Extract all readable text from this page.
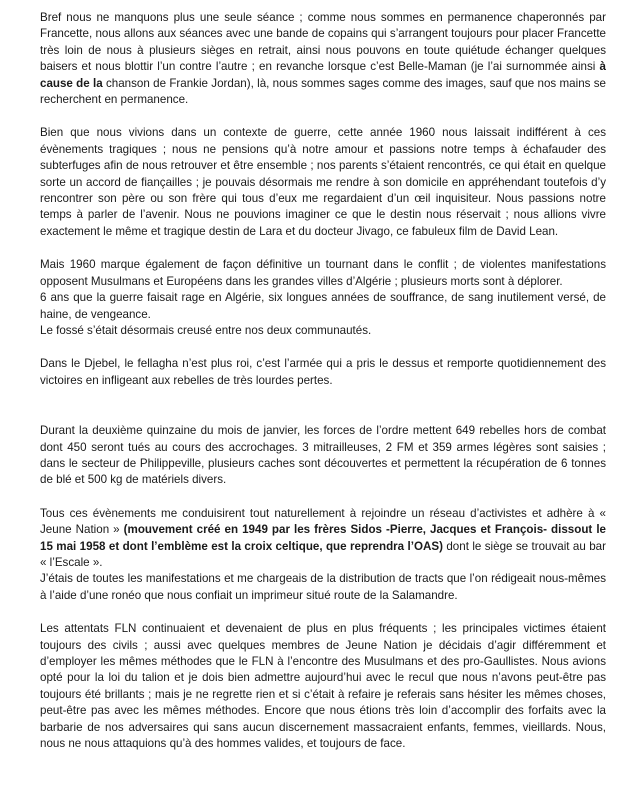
Bref nous ne manquons plus une seule séance ; comme nous sommes en permanence chaperonnés par Francette, nous allons aux séances avec une bande de copains qui s’arrangent toujours pour placer Francette très loin de nous à plusieurs sièges en retrait, ainsi nous pouvons en toute quiétude échanger quelques baisers et nous blottir l’un contre l’autre ; en revanche lorsque c’est Belle-Maman (je l’ai surnommée ainsi à cause de la chanson de Frankie Jordan), là, nous sommes sages comme des images, sauf que nos mains se recherchent en permanence.

Bien que nous vivions dans un contexte de guerre, cette année 1960 nous laissait indifférent à ces évènements tragiques ; nous ne pensions qu’à notre amour et passions notre temps à échafauder des subterfuges afin de nous retrouver et être ensemble ; nos parents s’étaient rencontrés, ce qui était en quelque sorte un accord de fiançailles ; je pouvais désormais me rendre à son domicile en appréhendant toutefois d’y rencontrer son père ou son frère qui tous d’eux me regardaient d’un œil inquisiteur. Nous passions notre temps à parler de l’avenir. Nous ne pouvions imaginer ce que le destin nous réservait ; nous allions vivre exactement le même et tragique destin de Lara et du docteur Jivago, ce fabuleux film de David Lean.

Mais 1960 marque également de façon définitive un tournant dans le conflit ; de violentes manifestations opposent Musulmans et Européens dans les grandes villes d’Algérie ; plusieurs morts sont à déplorer.

6 ans que la guerre faisait rage en Algérie, six longues années de souffrance, de sang inutilement versé, de haine, de vengeance.

Le fossé s’était désormais creusé entre nos deux communautés.

Dans le Djebel, le fellagha n’est plus roi, c’est l’armée qui a pris le dessus et remporte quotidiennement des victoires en infligeant aux rebelles de très lourdes pertes.

Durant la deuxième quinzaine du mois de janvier, les forces de l’ordre mettent 649 rebelles hors de combat dont 450 seront tués au cours des accrochages. 3 mitrailleuses, 2 FM et 359 armes légères sont saisies ; dans le secteur de Philippeville, plusieurs caches sont découvertes et permettent la récupération de 6 tonnes de blé et 500 kg de matériels divers.

Tous ces évènements me conduisirent tout naturellement à rejoindre un réseau d’activistes et adhère à « Jeune Nation » (mouvement créé en 1949 par les frères Sidos -Pierre, Jacques et François- dissout le 15 mai 1958 et dont l’emblème est la croix celtique, que reprendra l’OAS) dont le siège se trouvait au bar « l’Escale ».

J’étais de toutes les manifestations et me chargeais de la distribution de tracts que l’on rédigeait nous-mêmes à l’aide d’une ronéo que nous confiait un imprimeur situé route de la Salamandre.

Les attentats FLN continuaient et devenaient de plus en plus fréquents ; les principales victimes étaient toujours des civils ; aussi avec quelques membres de Jeune Nation je décidais d’agir différemment et d’employer les mêmes méthodes que le FLN à l’encontre des Musulmans et des pro-Gaullistes. Nous avions opté pour la loi du talion et je dois bien admettre aujourd’hui avec le recul que nous n’avons peut-être pas toujours été brillants ; mais je ne regrette rien et si c’était à refaire je referais sans hésiter les mêmes choses, peut-être pas avec les mêmes méthodes. Encore que nous étions très loin d’accomplir des forfaits avec la barbarie de nos adversaires qui sans aucun discernement massacraient enfants, femmes, vieillards. Nous, nous ne nous attaquions qu’à des hommes valides, et toujours de face.
